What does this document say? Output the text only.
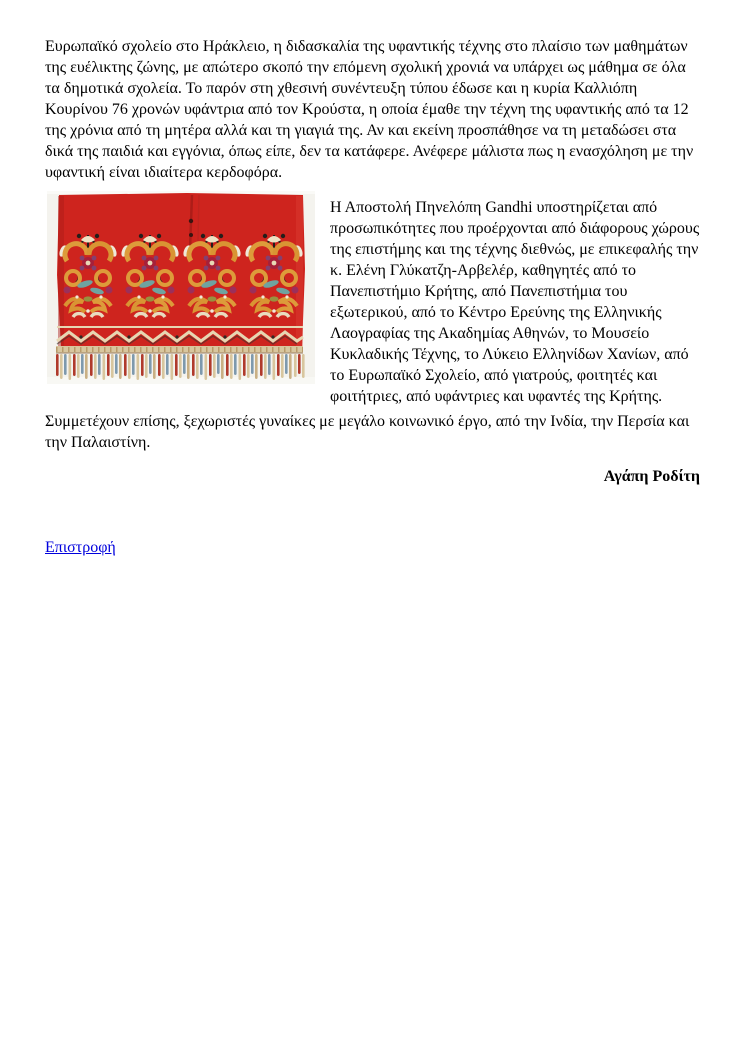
Ευρωπαϊκό σχολείο στο Ηράκλειο, η διδασκαλία της υφαντικής τέχνης στο πλαίσιο των μαθημάτων της ευέλικτης ζώνης, με απώτερο σκοπό την επόμενη σχολική χρονιά να υπάρχει ως μάθημα σε όλα τα δημοτικά σχολεία. Το παρόν στη χθεσινή συνέντευξη τύπου έδωσε και η κυρία Καλλιόπη Κουρίνου 76 χρονών υφάντρια από τον Κρούστα, η οποία έμαθε την τέχνη της υφαντικής από τα 12 της χρόνια από τη μητέρα αλλά και τη γιαγιά της. Αν και εκείνη προσπάθησε να τη μεταδώσει στα δικά της παιδιά και εγγόνια, όπως είπε, δεν τα κατάφερε. Ανέφερε μάλιστα πως η ενασχόληση με την υφαντική είναι ιδιαίτερα κερδοφόρα.

Η Αποστολή Πηνελόπη Gandhi υποστηρίζεται από προσωπικότητες που προέρχονται από διάφορους χώρους της επιστήμης και της τέχνης διεθνώς, με επικεφαλής την κ. Ελένη Γλύκατζη-Αρβελέρ, καθηγητές από το Πανεπιστήμιο Κρήτης, από Πανεπιστήμια του εξωτερικού, από το Κέντρο Ερεύνης της Ελληνικής Λαογραφίας της Ακαδημίας Αθηνών, το Μουσείο Κυκλαδικής Τέχνης, το Λύκειο Ελληνίδων Χανίων, από το Ευρωπαϊκό Σχολείο, από γιατρούς, φοιτητές και φοιτήτριες, από υφάντριες και υφαντές της Κρήτης.

Συμμετέχουν επίσης, ξεχωριστές γυναίκες με μεγάλο κοινωνικό έργο, από την Ινδία, την Περσία και την Παλαιστίνη.

Αγάπη Ροδίτη

Επιστροφή
